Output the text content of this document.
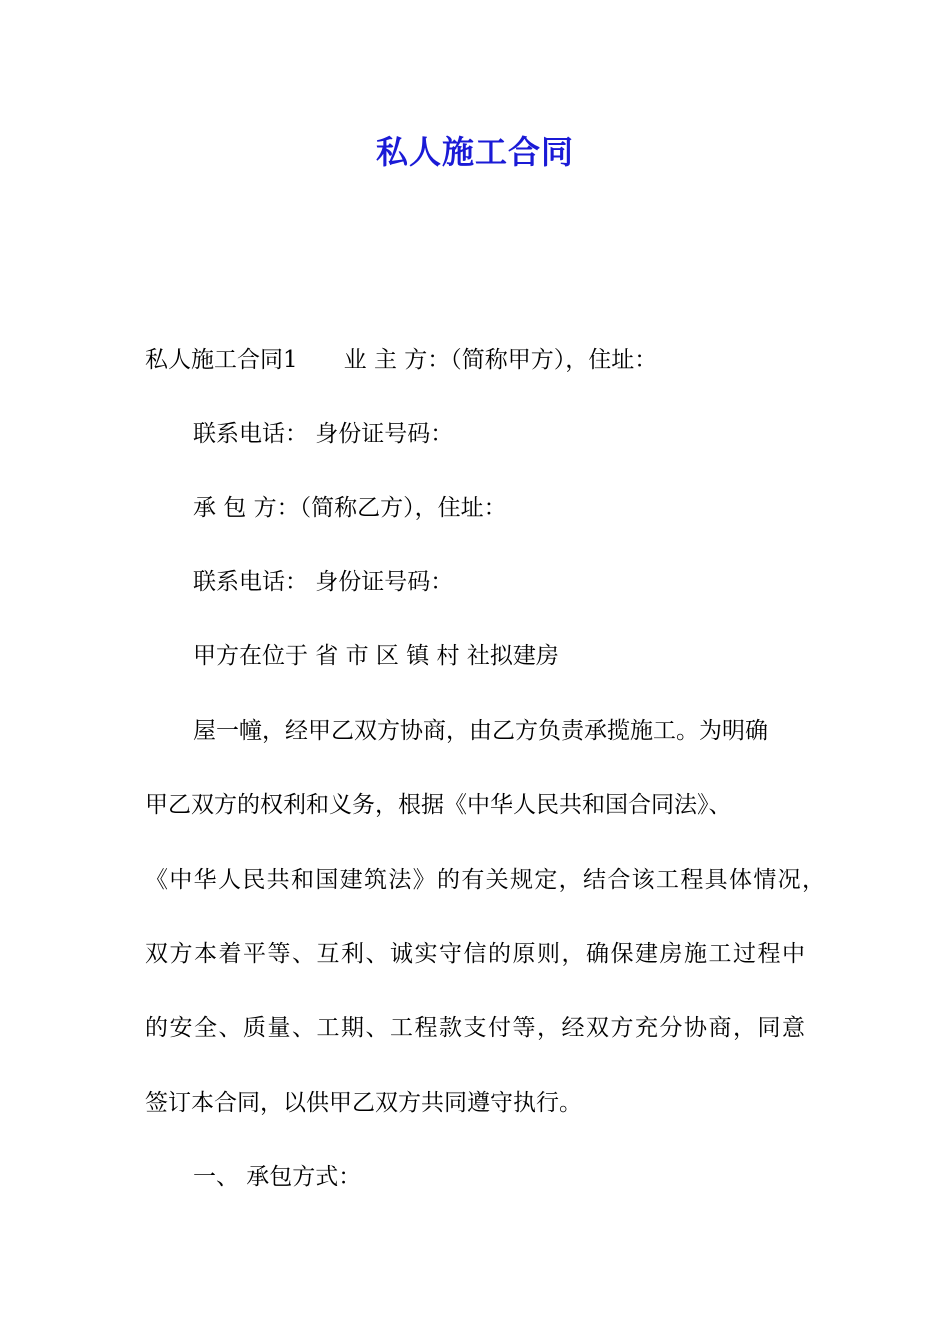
私人施工合同
私人施工合同1　　业 主 方：（简称甲方），住址：
联系电话： 身份证号码：
承 包 方：（简称乙方），住址：
联系电话： 身份证号码：
甲方在位于 省 市 区 镇 村 社拟建房
屋一幢，经甲乙双方协商，由乙方负责承揽施工。为明确
甲乙双方的权利和义务，根据《中华人民共和国合同法》、
《中华人民共和国建筑法》的有关规定，结合该工程具体情况，
双方本着平等、互利、诚实守信的原则，确保建房施工过程中
的安全、质量、工期、工程款支付等，经双方充分协商，同意
签订本合同，以供甲乙双方共同遵守执行。
一、 承包方式：
